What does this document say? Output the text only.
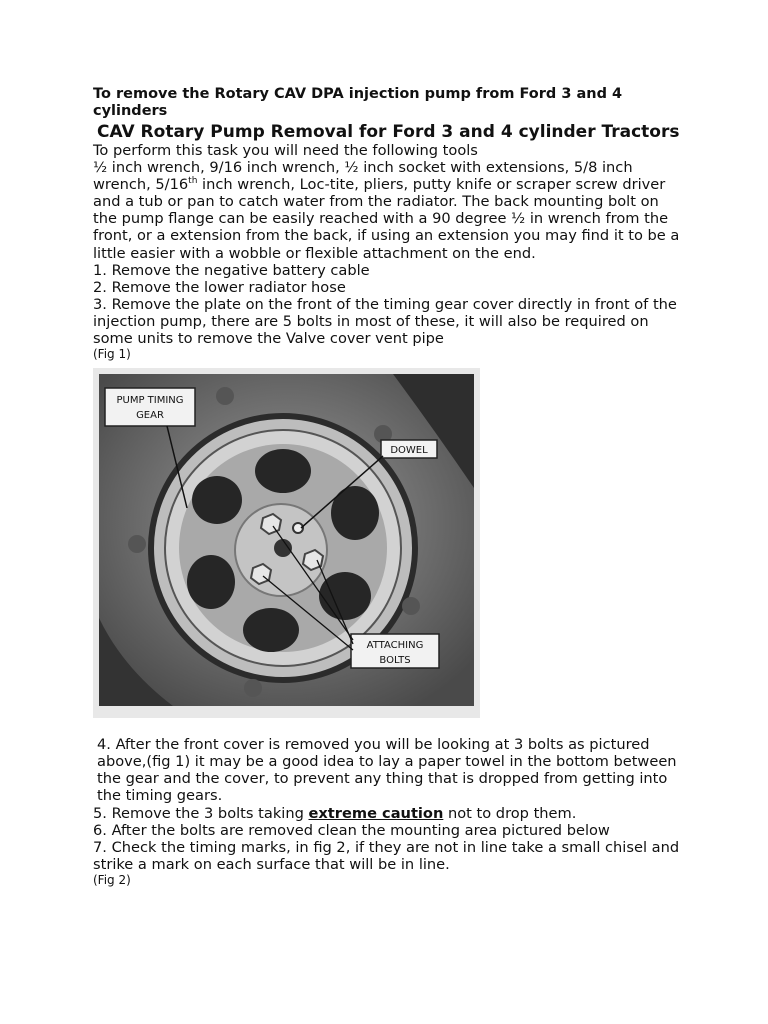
To remove the Rotary CAV DPA injection pump from Ford 3 and 4 cylinders

CAV Rotary Pump Removal for Ford 3 and 4 cylinder Tractors

To perform this task you will need the following tools

½ inch wrench, 9/16 inch wrench, ½ inch socket with extensions, 5/8 inch wrench, 5/16th inch wrench, Loc-tite, pliers, putty knife or scraper screw driver and a tub or pan to catch water from the radiator. The back mounting bolt on the pump flange can be easily reached with a 90 degree ½ in wrench from the front, or a extension from the back, if using an extension you may find it to be a little easier with a wobble or flexible attachment on the end.

1. Remove the negative battery cable

2. Remove the lower radiator hose

3. Remove the plate on the front of the timing gear cover directly in front of the injection pump, there are 5 bolts in most of these, it will also be required on some units to remove the Valve cover vent pipe

(Fig 1)

PUMP TIMING
GEAR
DOWEL
ATTACHING
BOLTS

4. After the front cover is removed you will be looking at 3 bolts as pictured above,(fig 1) it may be a good idea to lay a paper towel in the bottom between the gear and the cover, to prevent any thing that is dropped from getting into the timing gears.

5. Remove the 3 bolts taking extreme caution not to drop them.

6. After the bolts are removed clean the mounting area pictured below

7. Check the timing marks, in fig 2, if they are not in line take a small chisel and strike a mark on each surface that will be in line.

(Fig 2)
